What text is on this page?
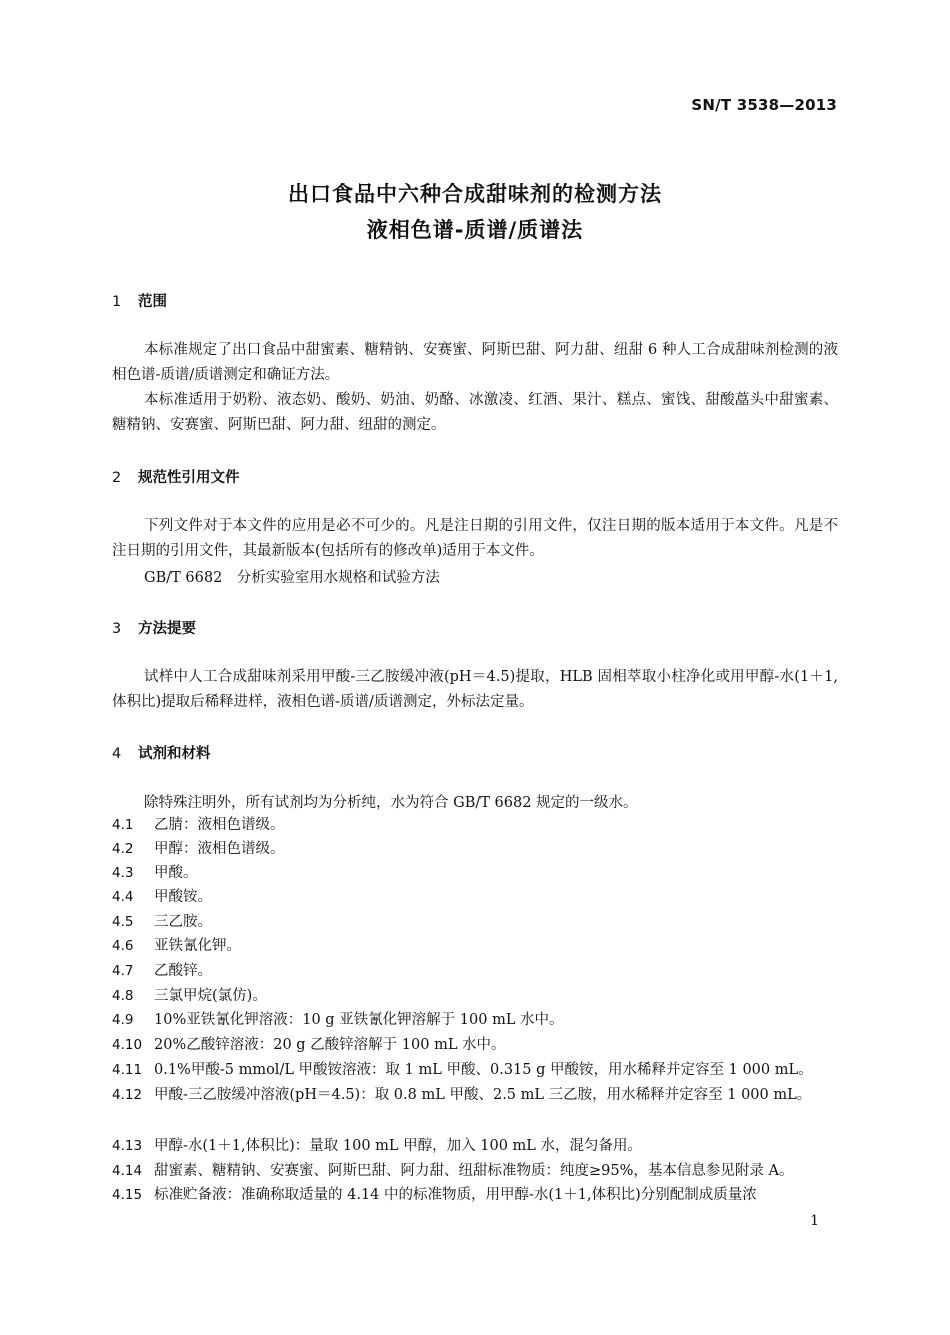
SN/T 3538—2013
出口食品中六种合成甜味剂的检测方法
液相色谱-质谱/质谱法
1 范围
本标准规定了出口食品中甜蜜素、糖精钠、安赛蜜、阿斯巴甜、阿力甜、纽甜 6 种人工合成甜味剂检测的液相色谱-质谱/质谱测定和确证方法。
本标准适用于奶粉、液态奶、酸奶、奶油、奶酪、冰激凌、红酒、果汁、糕点、蜜饯、甜酸藠头中甜蜜素、糖精钠、安赛蜜、阿斯巴甜、阿力甜、纽甜的测定。
2 规范性引用文件
下列文件对于本文件的应用是必不可少的。凡是注日期的引用文件，仅注日期的版本适用于本文件。凡是不注日期的引用文件，其最新版本(包括所有的修改单)适用于本文件。
GB/T 6682　分析实验室用水规格和试验方法
3 方法提要
试样中人工合成甜味剂采用甲酸-三乙胺缓冲液(pH＝4.5)提取，HLB 固相萃取小柱净化或用甲醇-水(1＋1,体积比)提取后稀释进样，液相色谱-质谱/质谱测定，外标法定量。
4 试剂和材料
除特殊注明外，所有试剂均为分析纯，水为符合 GB/T 6682 规定的一级水。
4.1 乙腈：液相色谱级。
4.2 甲醇：液相色谱级。
4.3 甲酸。
4.4 甲酸铵。
4.5 三乙胺。
4.6 亚铁氰化钾。
4.7 乙酸锌。
4.8 三氯甲烷(氯仿)。
4.9 10%亚铁氰化钾溶液：10 g 亚铁氰化钾溶解于 100 mL 水中。
4.10 20%乙酸锌溶液：20 g 乙酸锌溶解于 100 mL 水中。
4.11 0.1%甲酸-5 mmol/L 甲酸铵溶液：取 1 mL 甲酸、0.315 g 甲酸铵，用水稀释并定容至 1 000 mL。
4.12 甲酸-三乙胺缓冲溶液(pH＝4.5)：取 0.8 mL 甲酸、2.5 mL 三乙胺，用水稀释并定容至 1 000 mL。
4.13 甲醇-水(1＋1,体积比)：量取 100 mL 甲醇，加入 100 mL 水，混匀备用。
4.14 甜蜜素、糖精钠、安赛蜜、阿斯巴甜、阿力甜、纽甜标准物质：纯度≥95%，基本信息参见附录 A。
4.15 标准贮备液：准确称取适量的 4.14 中的标准物质，用甲醇-水(1＋1,体积比)分别配制成质量浓
1
